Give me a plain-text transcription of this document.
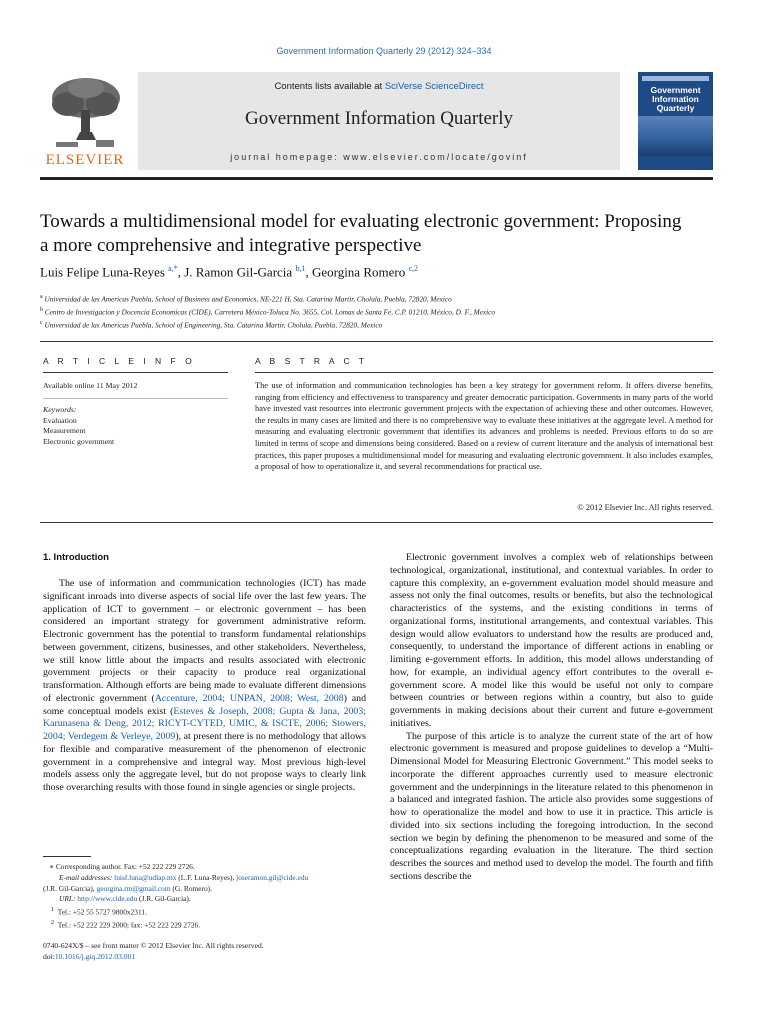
Government Information Quarterly 29 (2012) 324–334
ELSEVIER
Contents lists available at SciVerse ScienceDirect
Government Information Quarterly
journal homepage: www.elsevier.com/locate/govinf
Government
Information
Quarterly
Towards a multidimensional model for evaluating electronic government: Proposing
a more comprehensive and integrative perspective
Luis Felipe Luna-Reyes $^{a,*}$, J. Ramon Gil-Garcia $^{b,1}$, Georgina Romero $^{c,2}$
$^a$ Universidad de las Americas Puebla, School of Business and Economics, NE-221 H, Sta. Catarina Martir, Cholula, Puebla, 72820, Mexico
$^b$ Centro de Investigacion y Docencia Economicas (CIDE), Carretera México-Toluca No. 3655, Col. Lomas de Santa Fe, C.P. 01210, México, D. F., Mexico
$^c$ Universidad de las Americas Puebla, School of Engineering, Sta. Catarina Martir, Cholula, Puebla, 72820, Mexico
A R T I C L E I N F O
Available online 11 May 2012
Keywords:
Evaluation
Measurement
Electronic government
A B S T R A C T
The use of information and communication technologies has been a key strategy for government reform. It offers diverse benefits, ranging from efficiency and effectiveness to transparency and greater democratic participation. Governments in many parts of the world have invested vast resources into electronic government projects with the expectation of achieving these and other outcomes. However, the results in many cases are limited and there is no comprehensive way to evaluate these initiatives at the aggregate level. A method for measuring and evaluating electronic government that identifies its advances and problems is needed. Previous efforts to do so are limited in terms of scope and dimensions being considered. Based on a review of current literature and the analysis of international best practices, this paper proposes a multidimensional model for measuring and evaluating electronic government. It also includes examples, a proposal of how to operationalize it, and several recommendations for practical use.
© 2012 Elsevier Inc. All rights reserved.
1. Introduction

The use of information and communication technologies (ICT) has made significant inroads into diverse aspects of social life over the last few years. The application of ICT to government – or electronic government – has been considered an important strategy for government administrative reform. Electronic government has the potential to transform fundamental relationships between government, citizens, businesses, and other stakeholders. Nevertheless, we still know little about the impacts and results associated with electronic government projects or their capacity to produce real organizational transformation. Although efforts are being made to evaluate different dimensions of electronic government (Accenture, 2004; UNPAN, 2008; West, 2008) and some conceptual models exist (Esteves & Joseph, 2008; Gupta & Jana, 2003; Karunasena & Deng, 2012; RICYT-CYTED, UMIC, & ISCTE, 2006; Stowers, 2004; Verdegem & Verleye, 2009), at present there is no methodology that allows for flexible and comparative measurement of the phenomenon of electronic government in a comprehensive and integral way. Most previous high-level models assess only the aggregate level, but do not propose ways to clearly link those overarching results with those found in single agencies or single projects.

Electronic government involves a complex web of relationships between technological, organizational, institutional, and contextual variables. In order to capture this complexity, an e-government evaluation model should measure and assess not only the final outcomes, results or benefits, but also the technological characteristics of the systems, and the existing conditions in terms of organizational forms, institutional arrangements, and contextual variables. This design would allow evaluators to understand how the results are produced and, consequently, to understand the importance of different actions in enabling or limiting e-government efforts. In addition, this model allows understanding of how, for example, an individual agency effort contributes to the overall e-government score. A model like this would be useful not only to compare between countries or between regions within a country, but also to guide governments in making decisions about their current and future e-government initiatives.

The purpose of this article is to analyze the current state of the art of how electronic government is measured and propose guidelines to develop a “Multi-Dimensional Model for Measuring Electronic Government.” This model seeks to incorporate the different approaches currently used to measure electronic government and the underpinnings in the literature related to this phenomenon in a balanced and integrated fashion. The article also provides some suggestions of how to operationalize the model and how to use it in practice. This article is divided into six sections including the foregoing introduction. In the second section we begin by defining the phenomenon to be measured and some of the conceptualizations regarding evaluation in the literature. The third section describes the sources and method used to develop the model. The fourth and fifth sections describe the

∗ Corresponding author. Fax: +52 222 229 2726.
E-mail addresses: luisf.luna@udlap.mx (L.F. Luna-Reyes), joseramon.gil@cide.edu
(J.R. Gil-Garcia), georgina.rm@gmail.com (G. Romero).
URL: http://www.cide.edu (J.R. Gil-Garcia).
$^1$ Tel.: +52 55 5727 9800x2311.
$^2$ Tel.: +52 222 229 2000; fax: +52 222 229 2726.
0740-624X/$ – see front matter © 2012 Elsevier Inc. All rights reserved.
doi:10.1016/j.giq.2012.03.001
